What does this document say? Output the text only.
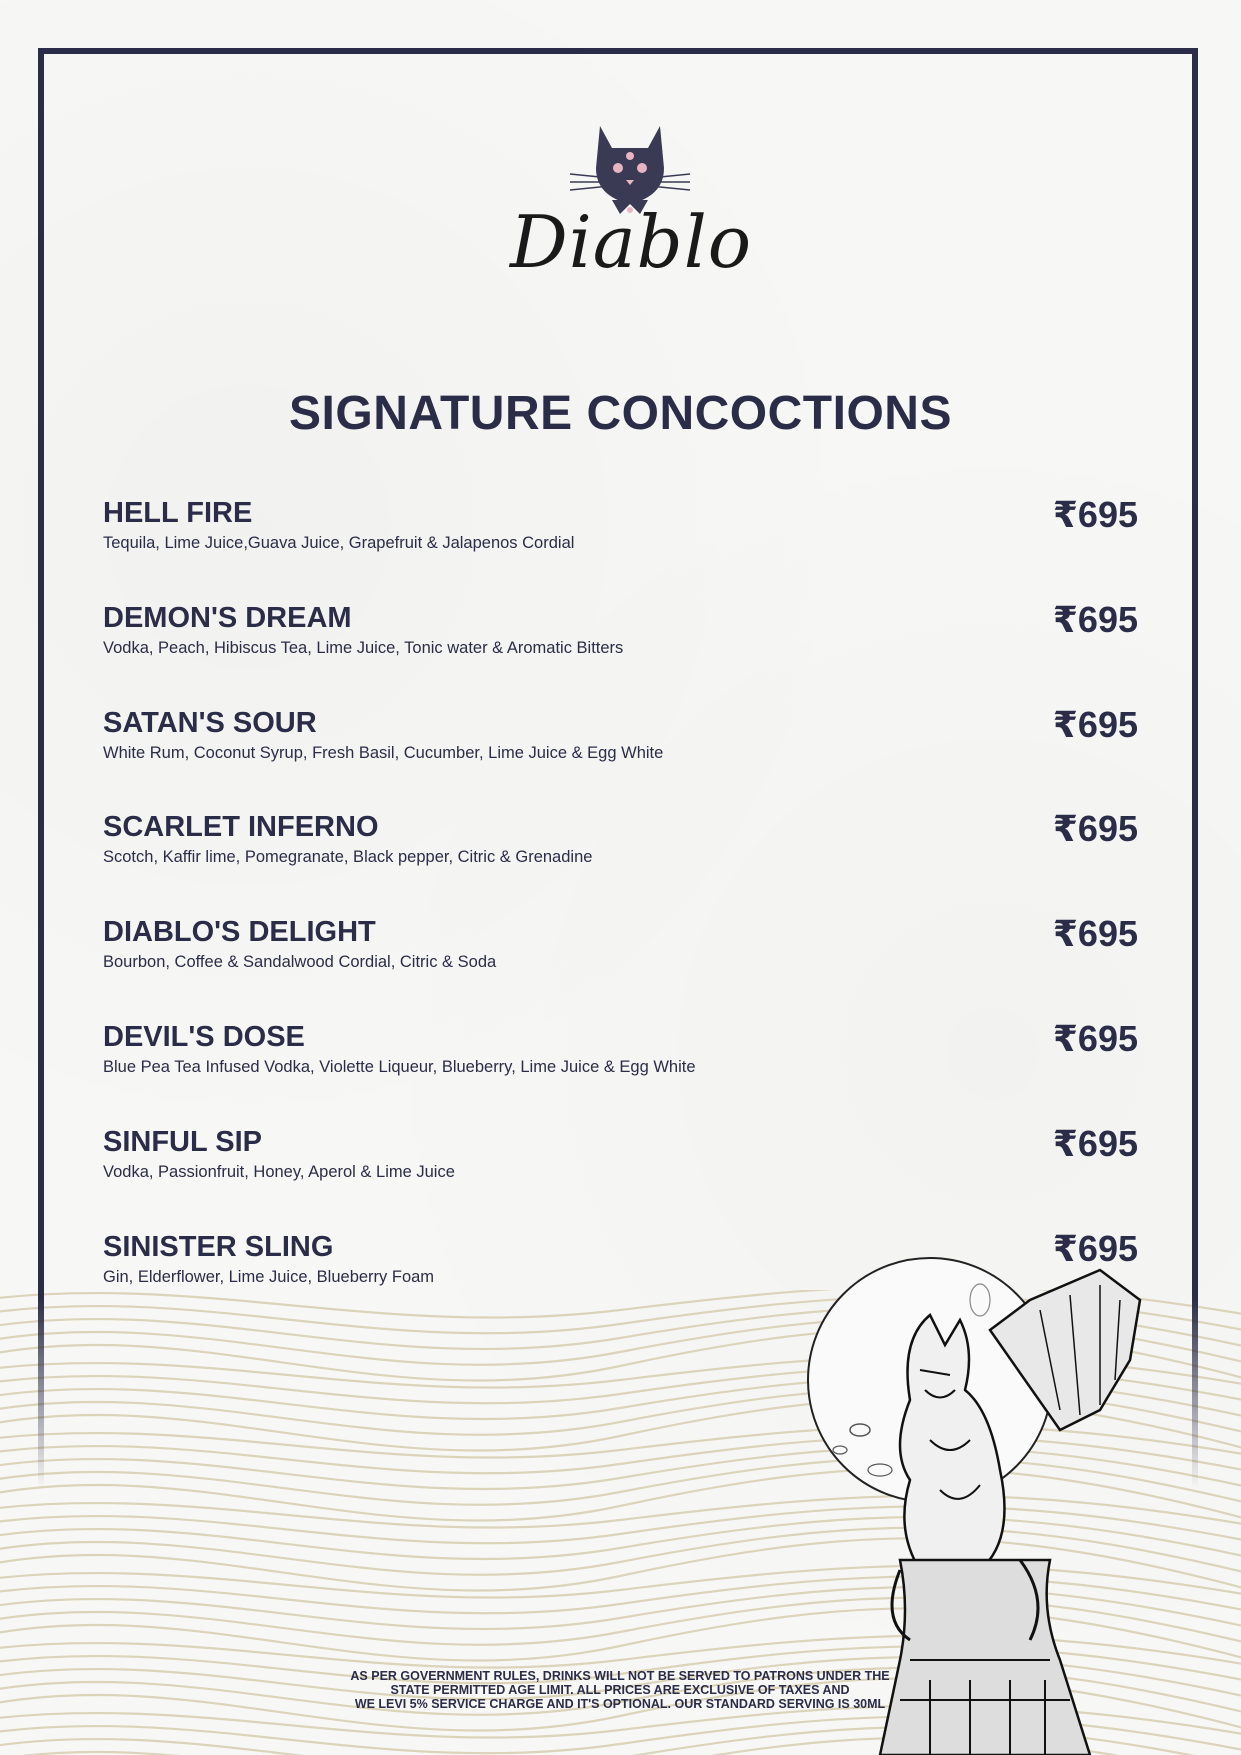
Diablo
SIGNATURE CONCOCTIONS
HELL FIRE
Tequila, Lime Juice,Guava Juice, Grapefruit & Jalapenos Cordial
₹695
DEMON'S DREAM
Vodka, Peach, Hibiscus Tea, Lime Juice, Tonic water & Aromatic Bitters
₹695
SATAN'S SOUR
White Rum, Coconut Syrup, Fresh Basil, Cucumber, Lime Juice & Egg White
₹695
SCARLET INFERNO
Scotch, Kaffir lime, Pomegranate, Black pepper, Citric & Grenadine
₹695
DIABLO'S DELIGHT
Bourbon, Coffee & Sandalwood Cordial, Citric & Soda
₹695
DEVIL'S DOSE
Blue Pea Tea Infused Vodka, Violette Liqueur, Blueberry, Lime Juice & Egg White
₹695
SINFUL SIP
Vodka, Passionfruit, Honey, Aperol & Lime Juice
₹695
SINISTER SLING
Gin, Elderflower, Lime Juice, Blueberry Foam
₹695
AS PER GOVERNMENT RULES, DRINKS WILL NOT BE SERVED TO PATRONS UNDER THE
STATE PERMITTED AGE LIMIT. ALL PRICES ARE EXCLUSIVE OF TAXES AND
WE LEVI 5% SERVICE CHARGE AND IT'S OPTIONAL. OUR STANDARD SERVING IS 30ML
